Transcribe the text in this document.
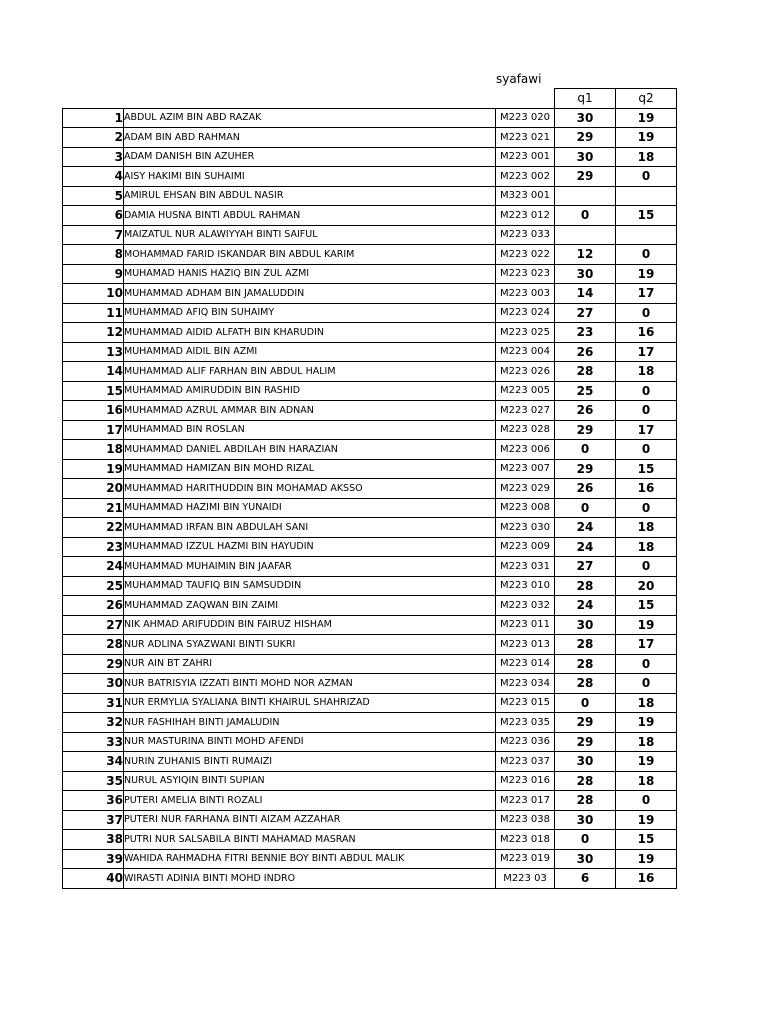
syafawi
			q1	q2
1	ABDUL AZIM BIN ABD RAZAK	M223 020	30	19
2	ADAM BIN ABD RAHMAN	M223 021	29	19
3	ADAM DANISH BIN AZUHER	M223 001	30	18
4	AISY HAKIMI BIN SUHAIMI	M223 002	29	0
5	AMIRUL EHSAN BIN ABDUL NASIR	M323 001		
6	DAMIA HUSNA BINTI ABDUL RAHMAN	M223 012	0	15
7	MAIZATUL NUR ALAWIYYAH BINTI SAIFUL	M223 033		
8	MOHAMMAD FARID ISKANDAR BIN ABDUL KARIM	M223 022	12	0
9	MUHAMAD HANIS HAZIQ BIN ZUL AZMI	M223 023	30	19
10	MUHAMMAD ADHAM BIN JAMALUDDIN	M223 003	14	17
11	MUHAMMAD AFIQ BIN SUHAIMY	M223 024	27	0
12	MUHAMMAD AIDID ALFATH BIN KHARUDIN	M223 025	23	16
13	MUHAMMAD AIDIL BIN AZMI	M223 004	26	17
14	MUHAMMAD ALIF FARHAN BIN ABDUL HALIM	M223 026	28	18
15	MUHAMMAD AMIRUDDIN BIN RASHID	M223 005	25	0
16	MUHAMMAD AZRUL AMMAR BIN ADNAN	M223 027	26	0
17	MUHAMMAD BIN ROSLAN	M223 028	29	17
18	MUHAMMAD DANIEL ABDILAH BIN HARAZIAN	M223 006	0	0
19	MUHAMMAD HAMIZAN BIN MOHD RIZAL	M223 007	29	15
20	MUHAMMAD HARITHUDDIN BIN MOHAMAD AKSSO	M223 029	26	16
21	MUHAMMAD HAZIMI BIN YUNAIDI	M223 008	0	0
22	MUHAMMAD IRFAN BIN ABDULAH SANI	M223 030	24	18
23	MUHAMMAD IZZUL HAZMI BIN HAYUDIN	M223 009	24	18
24	MUHAMMAD MUHAIMIN BIN JAAFAR	M223 031	27	0
25	MUHAMMAD TAUFIQ BIN SAMSUDDIN	M223 010	28	20
26	MUHAMMAD ZAQWAN BIN ZAIMI	M223 032	24	15
27	NIK AHMAD ARIFUDDIN BIN FAIRUZ HISHAM	M223 011	30	19
28	NUR ADLINA SYAZWANI BINTI SUKRI	M223 013	28	17
29	NUR AIN BT ZAHRI	M223 014	28	0
30	NUR BATRISYIA IZZATI BINTI MOHD NOR AZMAN	M223 034	28	0
31	NUR ERMYLIA SYALIANA BINTI KHAIRUL SHAHRIZAD	M223 015	0	18
32	NUR FASHIHAH BINTI JAMALUDIN	M223 035	29	19
33	NUR MASTURINA BINTI MOHD AFENDI	M223 036	29	18
34	NURIN ZUHANIS BINTI RUMAIZI	M223 037	30	19
35	NURUL ASYIQIN BINTI SUPIAN	M223 016	28	18
36	PUTERI AMELIA BINTI ROZALI	M223 017	28	0
37	PUTERI NUR FARHANA BINTI AIZAM AZZAHAR	M223 038	30	19
38	PUTRI NUR SALSABILA BINTI MAHAMAD MASRAN	M223 018	0	15
39	WAHIDA RAHMADHA FITRI BENNIE BOY BINTI ABDUL MALIK	M223 019	30	19
40	WIRASTI ADINIA BINTI MOHD INDRO	M223 03	6	16
